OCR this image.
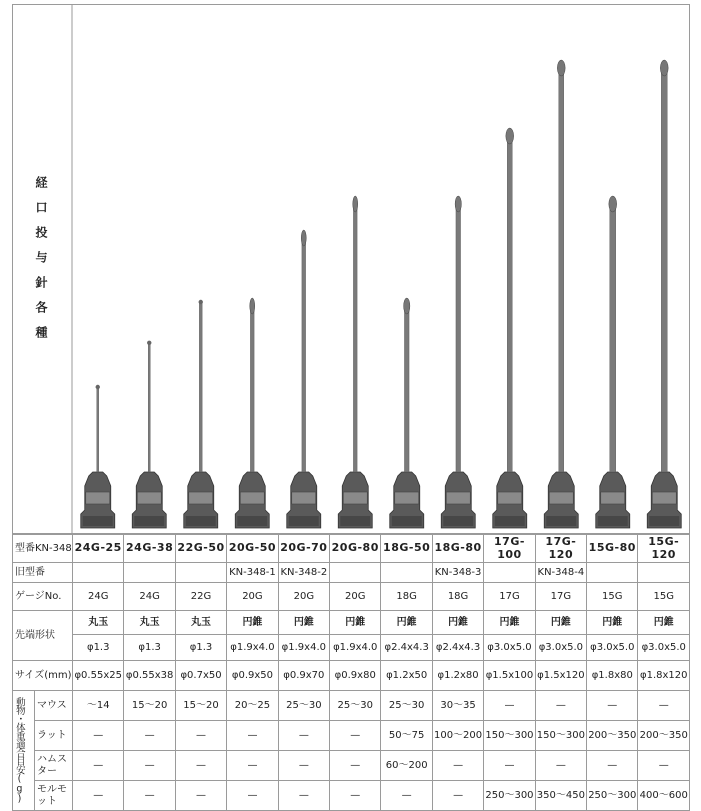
経口投与針各種
型番KN-348		24G-25	24G-38	22G-50	20G-50	20G-70	20G-80	18G-50	18G-80	17G-100	17G-120	15G-80	15G-120
旧型番					KN-348-1	KN-348-2			KN-348-3		KN-348-4		
ゲージNo.		24G	24G	22G	20G	20G	20G	18G	18G	17G	17G	15G	15G
先端形状		丸玉	丸玉	丸玉	円錐	円錐	円錐	円錐	円錐	円錐	円錐	円錐	円錐
		φ1.3	φ1.3	φ1.3	φ1.9x4.0	φ1.9x4.0	φ1.9x4.0	φ2.4x4.3	φ2.4x4.3	φ3.0x5.0	φ3.0x5.0	φ3.0x5.0	φ3.0x5.0
サイズ(mm)		φ0.55x25	φ0.55x38	φ0.7x50	φ0.9x50	φ0.9x70	φ0.9x80	φ1.2x50	φ1.2x80	φ1.5x100	φ1.5x120	φ1.8x80	φ1.8x120

動物・体重適合目安(g)	マウス	～14	15～20	15～20	20～25	25～30	25～30	25～30	30～35	—	—	—	—
	ラット	—	—	—	—	—	—	50～75	100～200	150～300	150～300	200～350	200～350
	ハムスター	—	—	—	—	—	—	60～200	—	—	—	—	—
	モルモット	—	—	—	—	—	—	—	—	250～300	350～450	250～300	400～600
